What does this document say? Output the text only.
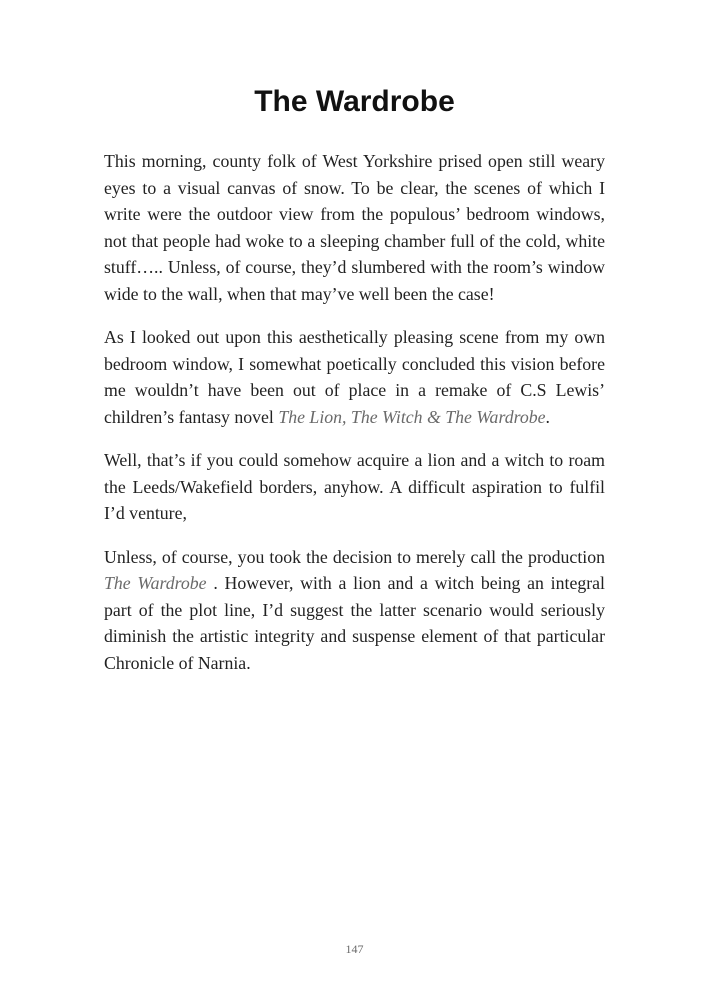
The Wardrobe

This morning, county folk of West Yorkshire prised open still weary eyes to a visual canvas of snow. To be clear, the scenes of which I write were the outdoor view from the populous’ bedroom windows, not that people had woke to a sleeping chamber full of the cold, white stuff….. Unless, of course, they’d slumbered with the room’s window wide to the wall, when that may’ve well been the case!

As I looked out upon this aesthetically pleasing scene from my own bedroom window, I somewhat poetically concluded this vision before me wouldn’t have been out of place in a remake of C.S Lewis’ children’s fantasy novel The Lion, The Witch & The Wardrobe.

Well, that’s if you could somehow acquire a lion and a witch to roam the Leeds/Wakefield borders, anyhow. A difficult aspiration to fulfil I’d venture,

Unless, of course, you took the decision to merely call the production The Wardrobe . However, with a lion and a witch being an integral part of the plot line, I’d suggest the latter scenario would seriously diminish the artistic integrity and suspense element of that particular Chronicle of Narnia.

147
